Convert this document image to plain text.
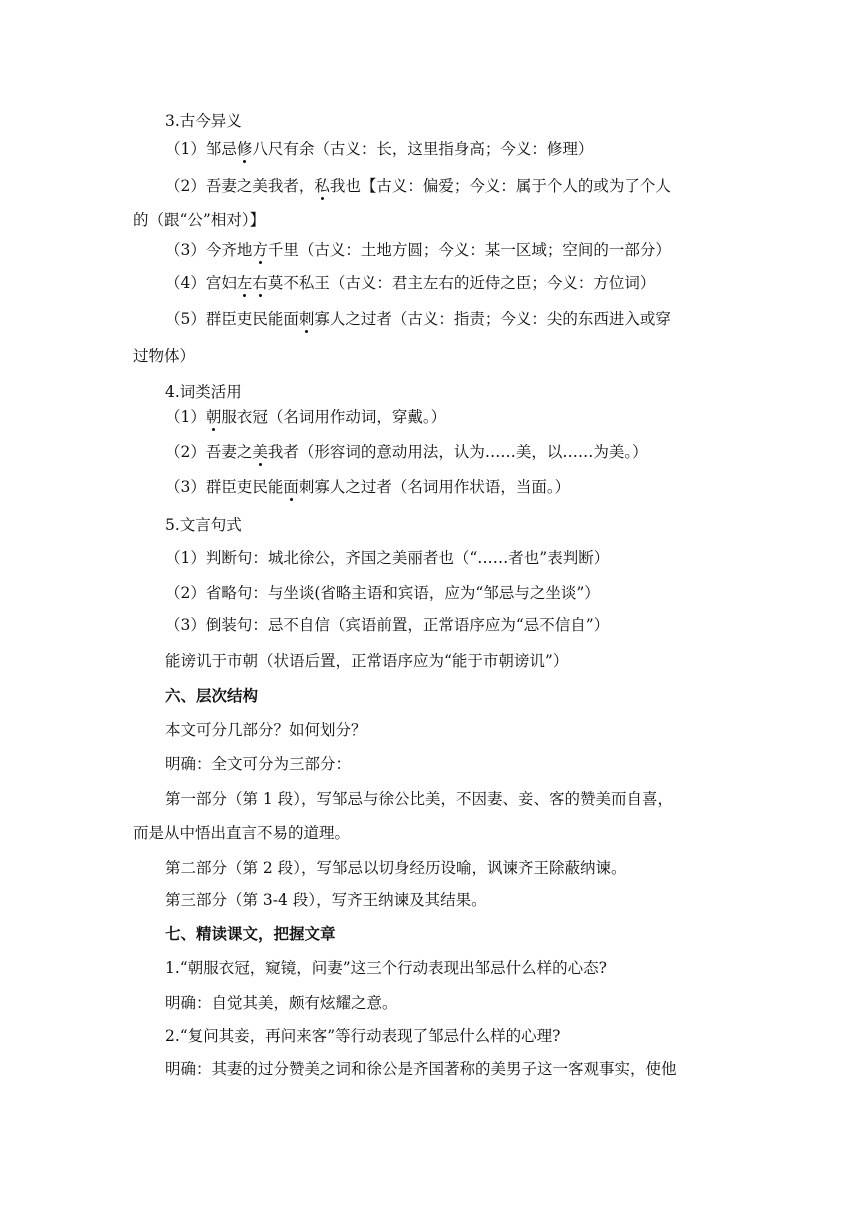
3.古今异义
（1）邹忌修八尺有余（古义：长，这里指身高；今义：修理）
（2）吾妻之美我者，私我也【古义：偏爱；今义：属于个人的或为了个人
的（跟“公”相对）】
（3）今齐地方千里（古义：土地方圆；今义：某一区域；空间的一部分）
（4）宫妇左右莫不私王（古义：君主左右的近侍之臣；今义：方位词）
（5）群臣吏民能面刺寡人之过者（古义：指责；今义：尖的东西进入或穿
过物体）
4.词类活用
（1）朝服衣冠（名词用作动词，穿戴。）
（2）吾妻之美我者（形容词的意动用法，认为……美，以……为美。）
（3）群臣吏民能面刺寡人之过者（名词用作状语，当面。）
5.文言句式
（1）判断句：城北徐公，齐国之美丽者也（“……者也”表判断）
（2）省略句：与坐谈(省略主语和宾语，应为“邹忌与之坐谈”）
（3）倒装句：忌不自信（宾语前置，正常语序应为“忌不信自”）
能谤讥于市朝（状语后置，正常语序应为“能于市朝谤讥”）
六、层次结构
本文可分几部分？如何划分？
明确：全文可分为三部分：
第一部分（第 1 段），写邹忌与徐公比美，不因妻、妾、客的赞美而自喜，
而是从中悟出直言不易的道理。
第二部分（第 2 段），写邹忌以切身经历设喻，讽谏齐王除蔽纳谏。
第三部分（第 3-4 段），写齐王纳谏及其结果。
七、精读课文，把握文章
1.“朝服衣冠，窥镜，问妻”这三个行动表现出邹忌什么样的心态?
明确：自觉其美，颇有炫耀之意。
2.“复问其妾，再问来客”等行动表现了邹忌什么样的心理?
明确：其妻的过分赞美之词和徐公是齐国著称的美男子这一客观事实，使他
